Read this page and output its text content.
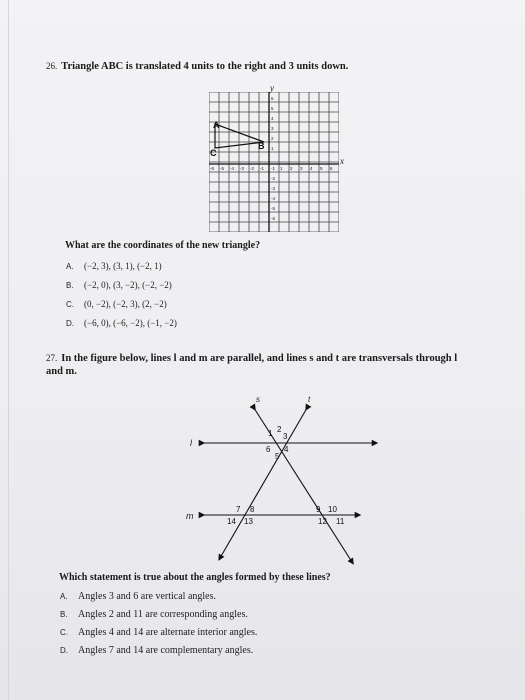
26. Triangle ABC is translated 4 units to the right and 3 units down.
-6 -5 -4 -3 -2 -1	1 2 3 4 5 6
6
5
4
3
2
1
-1
-2
-3
-4
-5
-6
A
B
C
y
x
What are the coordinates of the new triangle?
A. (−2, 3), (3, 1), (−2, 1)
B. (−2, 0), (3, −2), (−2, −2)
C. (0, −2), (−2, 3), (2, −2)
D. (−6, 0), (−6, −2), (−1, −2)
27. In the figure below, lines l and m are parallel, and lines s and t are transversals through l and m.
s	t
l
m
1 2
3
4
5
6
7 8	9 10
11
12
13
14
Which statement is true about the angles formed by these lines?
A. Angles 3 and 6 are vertical angles.
B. Angles 2 and 11 are corresponding angles.
C. Angles 4 and 14 are alternate interior angles.
D. Angles 7 and 14 are complementary angles.
